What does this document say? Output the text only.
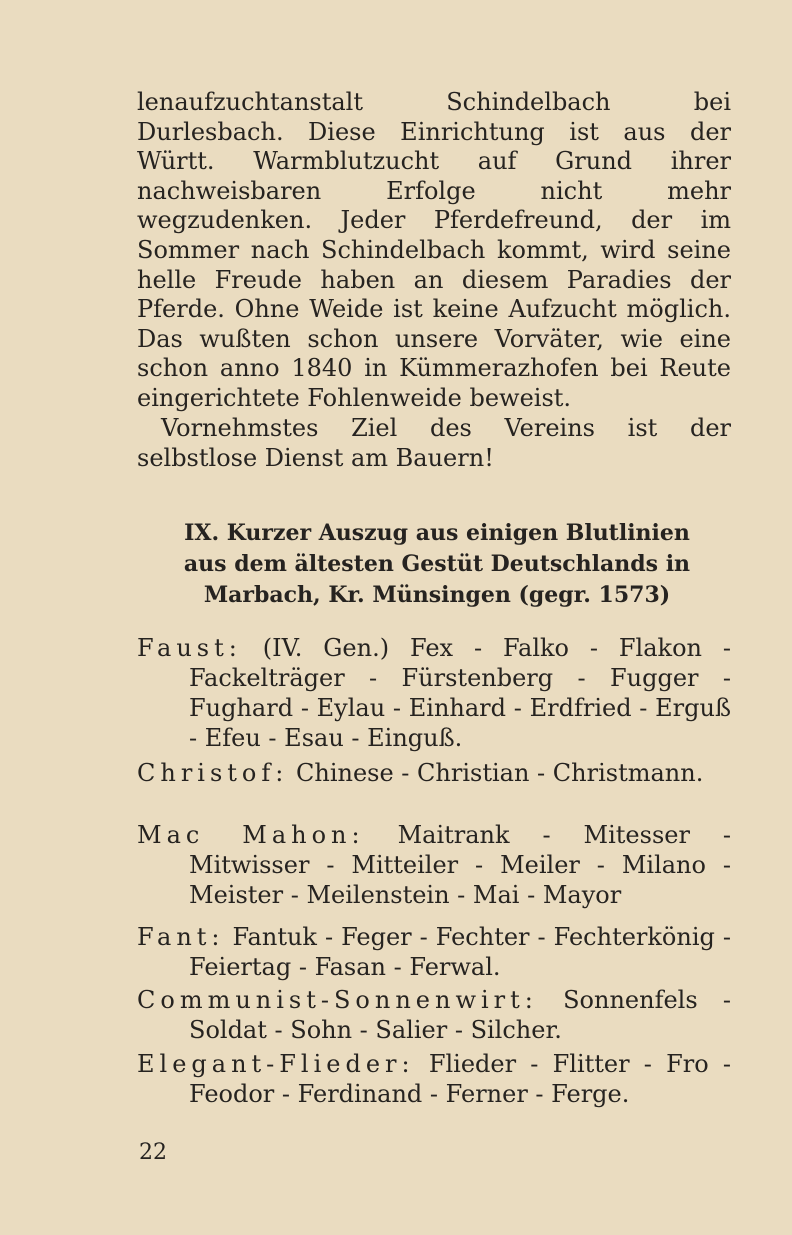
lenaufzuchtanstalt Schindelbach bei Durlesbach. Diese Einrichtung ist aus der Württ. Warmblutzucht auf Grund ihrer nachweisbaren Erfolge nicht mehr wegzudenken. Jeder Pferdefreund, der im Sommer nach Schindelbach kommt, wird seine helle Freude haben an diesem Paradies der Pferde. Ohne Weide ist keine Aufzucht möglich. Das wußten schon unsere Vorväter, wie eine schon anno 1840 in Kümmerazhofen bei Reute eingerichtete Fohlenweide beweist.

Vornehmstes Ziel des Vereins ist der selbstlose Dienst am Bauern!

IX. Kurzer Auszug aus einigen Blutlinien
aus dem ältesten Gestüt Deutschlands in
Marbach, Kr. Münsingen (gegr. 1573)

Faust: (IV. Gen.) Fex - Falko - Flakon - Fackelträger - Fürstenberg - Fugger - Fughard - Eylau - Einhard - Erdfried - Erguß - Efeu - Esau - Einguß.

Christof: Chinese - Christian - Christmann.

Mac Mahon: Maitrank - Mitesser - Mitwisser - Mitteiler - Meiler - Milano - Meister - Meilenstein - Mai - Mayor

Fant: Fantuk - Feger - Fechter - Fechterkönig - Feiertag - Fasan - Ferwal.

Communist-Sonnenwirt: Sonnenfels - Soldat - Sohn - Salier - Silcher.

Elegant-Flieder: Flieder - Flitter - Fro - Feodor - Ferdinand - Ferner - Ferge.

22
